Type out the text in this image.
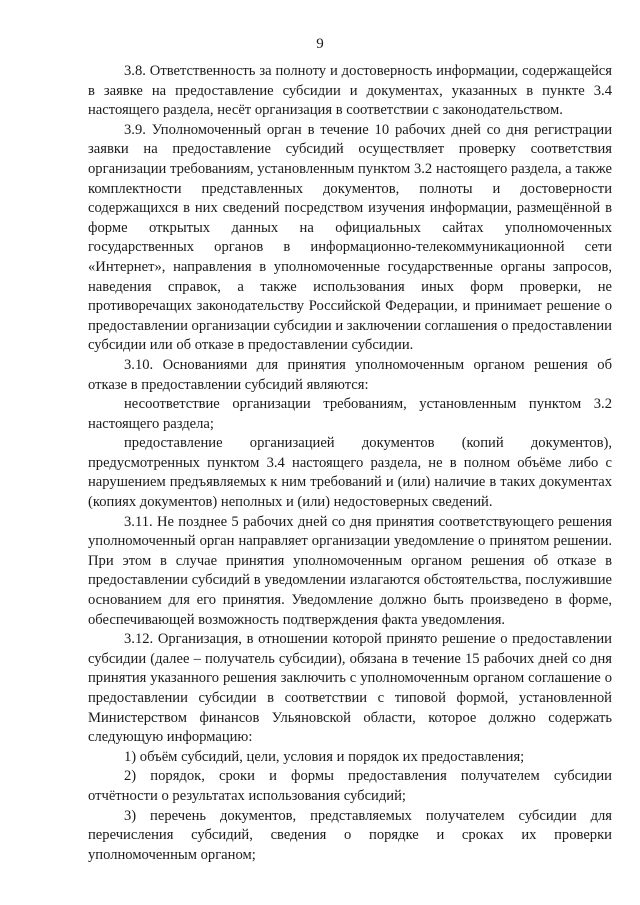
9

3.8. Ответственность за полноту и достоверность информации, содержащейся в заявке на предоставление субсидии и документах, указанных в пункте 3.4 настоящего раздела, несёт организация в соответствии с законодательством.

3.9. Уполномоченный орган в течение 10 рабочих дней со дня регистрации заявки на предоставление субсидий осуществляет проверку соответствия организации требованиям, установленным пунктом 3.2 настоящего раздела, а также комплектности представленных документов, полноты и достоверности содержащихся в них сведений посредством изучения информации, размещённой в форме открытых данных на официальных сайтах уполномоченных государственных органов в информационно-телекоммуникационной сети «Интернет», направления в уполномоченные государственные органы запросов, наведения справок, а также использования иных форм проверки, не противоречащих законодательству Российской Федерации, и принимает решение о предоставлении организации субсидии и заключении соглашения о предоставлении субсидии или об отказе в предоставлении субсидии.

3.10. Основаниями для принятия уполномоченным органом решения об отказе в предоставлении субсидий являются:

несоответствие организации требованиям, установленным пунктом 3.2 настоящего раздела;

предоставление организацией документов (копий документов), предусмотренных пунктом 3.4 настоящего раздела, не в полном объёме либо с нарушением предъявляемых к ним требований и (или) наличие в таких документах (копиях документов) неполных и (или) недостоверных сведений.

3.11. Не позднее 5 рабочих дней со дня принятия соответствующего решения уполномоченный орган направляет организации уведомление о принятом решении. При этом в случае принятия уполномоченным органом решения об отказе в предоставлении субсидий в уведомлении излагаются обстоятельства, послужившие основанием для его принятия. Уведомление должно быть произведено в форме, обеспечивающей возможность подтверждения факта уведомления.

3.12. Организация, в отношении которой принято решение о предоставлении субсидии (далее – получатель субсидии), обязана в течение 15 рабочих дней со дня принятия указанного решения заключить с уполномоченным органом соглашение о предоставлении субсидии в соответствии с типовой формой, установленной Министерством финансов Ульяновской области, которое должно содержать следующую информацию:

1) объём субсидий, цели, условия и порядок их предоставления;

2) порядок, сроки и формы предоставления получателем субсидии отчётности о результатах использования субсидий;

3) перечень документов, представляемых получателем субсидии для перечисления субсидий, сведения о порядке и сроках их проверки уполномоченным органом;
